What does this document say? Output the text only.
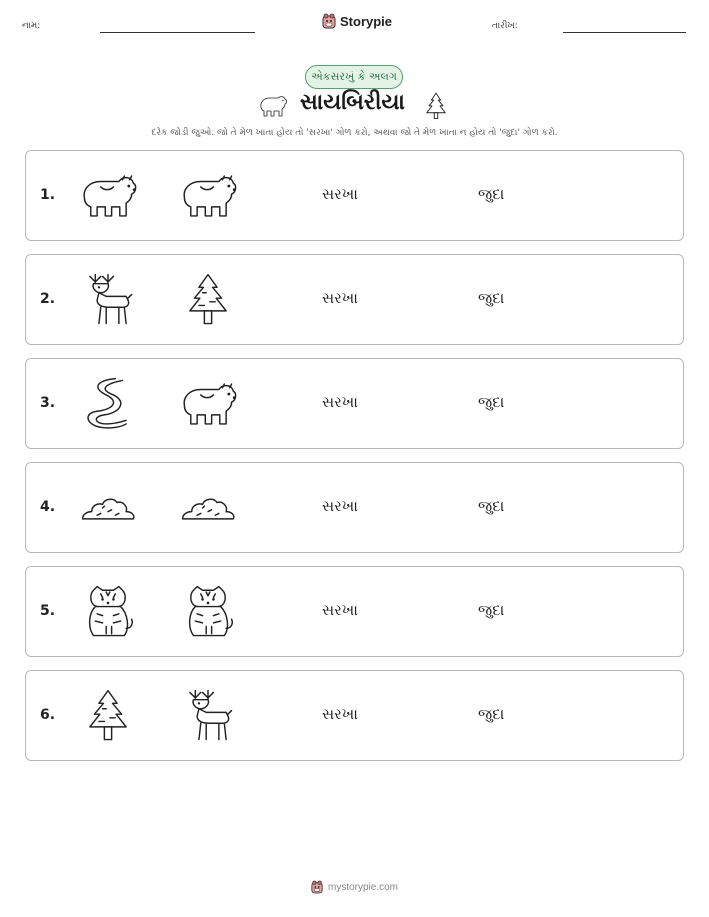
નામ:	Storypie	તારીખ:
એકસરખું કે અલગ
સાયબિરીયા
દરેક જોડી જુઓ. જો તે મેળ ખાતા હોય તો 'સરખા' ગોળ કરો, અથવા જો તે મેળ ખાતા ન હોય તો 'જુદા' ગોળ કરો.
1.	સરખા	જુદા
2.	સરખા	જુદા
3.	સરખા	જુદા
4.	સરખા	જુદા
5.	સરખા	જુદા
6.	સરખા	જુદા
mystorypie.com
